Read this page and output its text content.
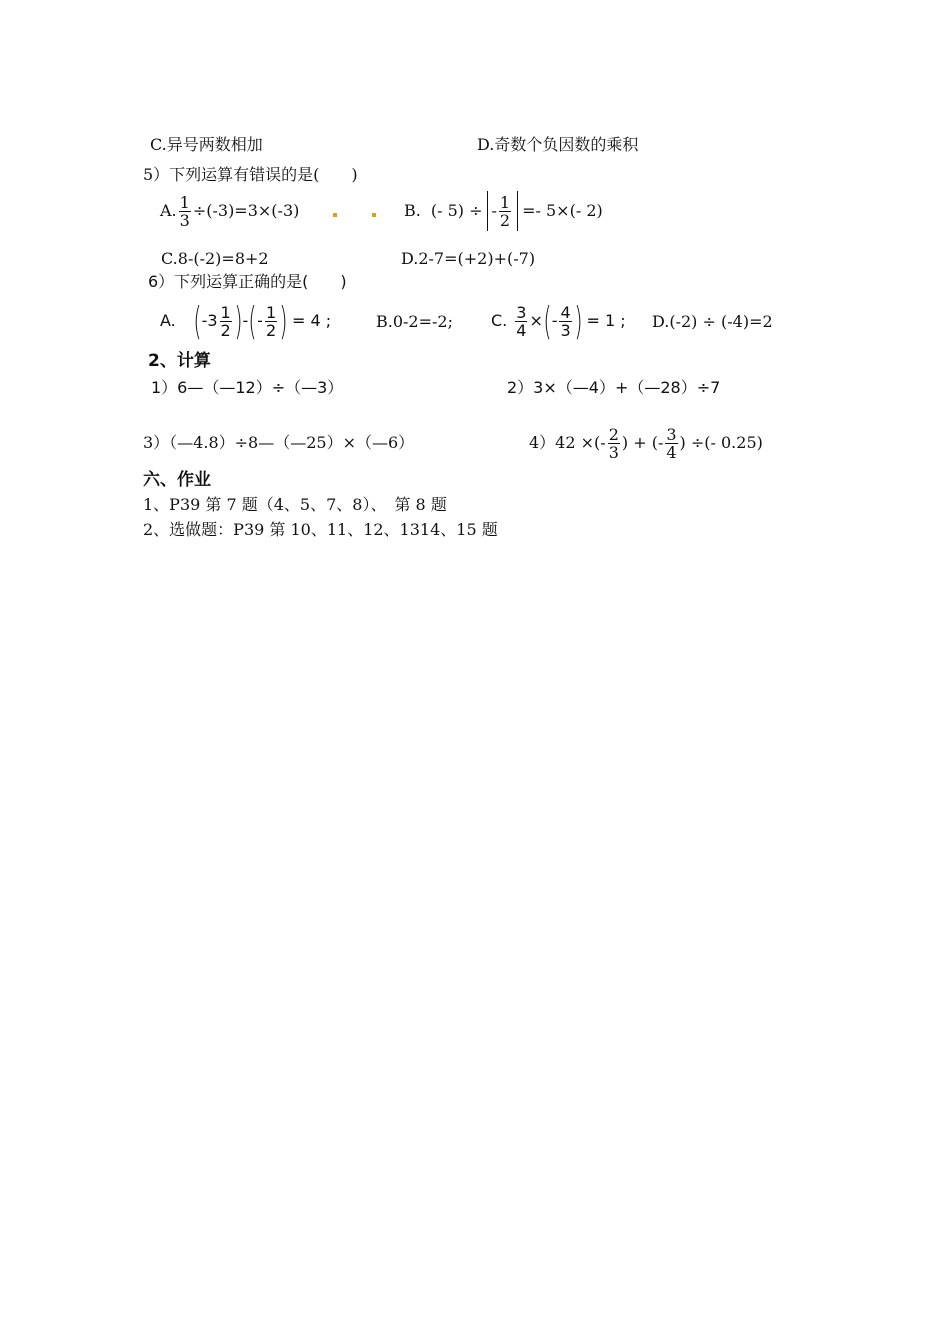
C.异号两数相加	D.奇数个负因数的乘积
5）下列运算有错误的是(　　)
A. $\frac{1}{3} \div(-3)=3\times(-3)$	B. (- 5) ÷ - $\frac{1}{2} =- 5\times(-$ 2)
C.8-(-2)=8+2	D.2-7=(+2)+(-7)
6）下列运算正确的是(　　)
A. ( $-3 \frac{1}{2}$ ) - ( - $\frac{1}{2}$ ) = 4 ;	B.0-2=-2; C. $\frac{3}{4}$ × ( - $\frac{4}{3}$ ) = 1 ; D.(-2) ÷ (-4)=2
2、计算
1）6—（—12）÷（—3）	2）3×（—4）+（—28）÷7
3）（—4.8）÷8—（—25）×（—6）	4）42 ×(- $\frac{2}{3}$ ) + (- $\frac{3}{4}$ ) ÷(- 0.25)
六、作业
1、P39 第 7 题（4、5、7、8）、　第 8 题
2、选做题：P39 第 10、11、12、1314、15 题
